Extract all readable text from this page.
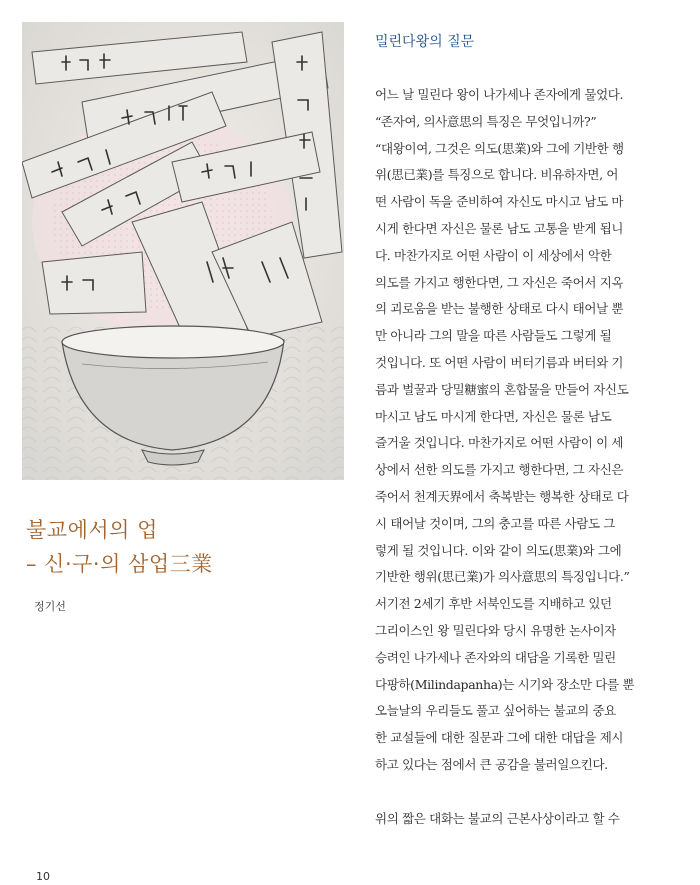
불교에서의 업
– 신·구·의 삼업三業
정기선
10
밀린다왕의 질문
어느 날 밀린다 왕이 나가세나 존자에게 물었다.
“존자여, 의사意思의 특징은 무엇입니까?”
“대왕이여, 그것은 의도(思業)와 그에 기반한 행
위(思已業)를 특징으로 합니다. 비유하자면, 어
떤 사람이 독을 준비하여 자신도 마시고 남도 마
시게 한다면 자신은 물론 남도 고통을 받게 됩니
다. 마찬가지로 어떤 사람이 이 세상에서 악한
의도를 가지고 행한다면, 그 자신은 죽어서 지옥
의 괴로움을 받는 불행한 상태로 다시 태어날 뿐
만 아니라 그의 말을 따른 사람들도 그렇게 될
것입니다. 또 어떤 사람이 버터기름과 버터와 기
름과 벌꿀과 당밀糖蜜의 혼합물을 만들어 자신도
마시고 남도 마시게 한다면, 자신은 물론 남도
즐거울 것입니다. 마찬가지로 어떤 사람이 이 세
상에서 선한 의도를 가지고 행한다면, 그 자신은
죽어서 천계天界에서 축복받는 행복한 상태로 다
시 태어날 것이며, 그의 충고를 따른 사람도 그
렇게 될 것입니다. 이와 같이 의도(思業)와 그에
기반한 행위(思已業)가 의사意思의 특징입니다.”
서기전 2세기 후반 서북인도를 지배하고 있던
그리이스인 왕 밀린다와 당시 유명한 논사이자
승려인 나가세나 존자와의 대담을 기록한 밀린
다팡하(Milindapanha)는 시기와 장소만 다를 뿐
오늘날의 우리들도 풀고 싶어하는 불교의 중요
한 교설들에 대한 질문과 그에 대한 대답을 제시
하고 있다는 점에서 큰 공감을 불러일으킨다.
위의 짧은 대화는 불교의 근본사상이라고 할 수
